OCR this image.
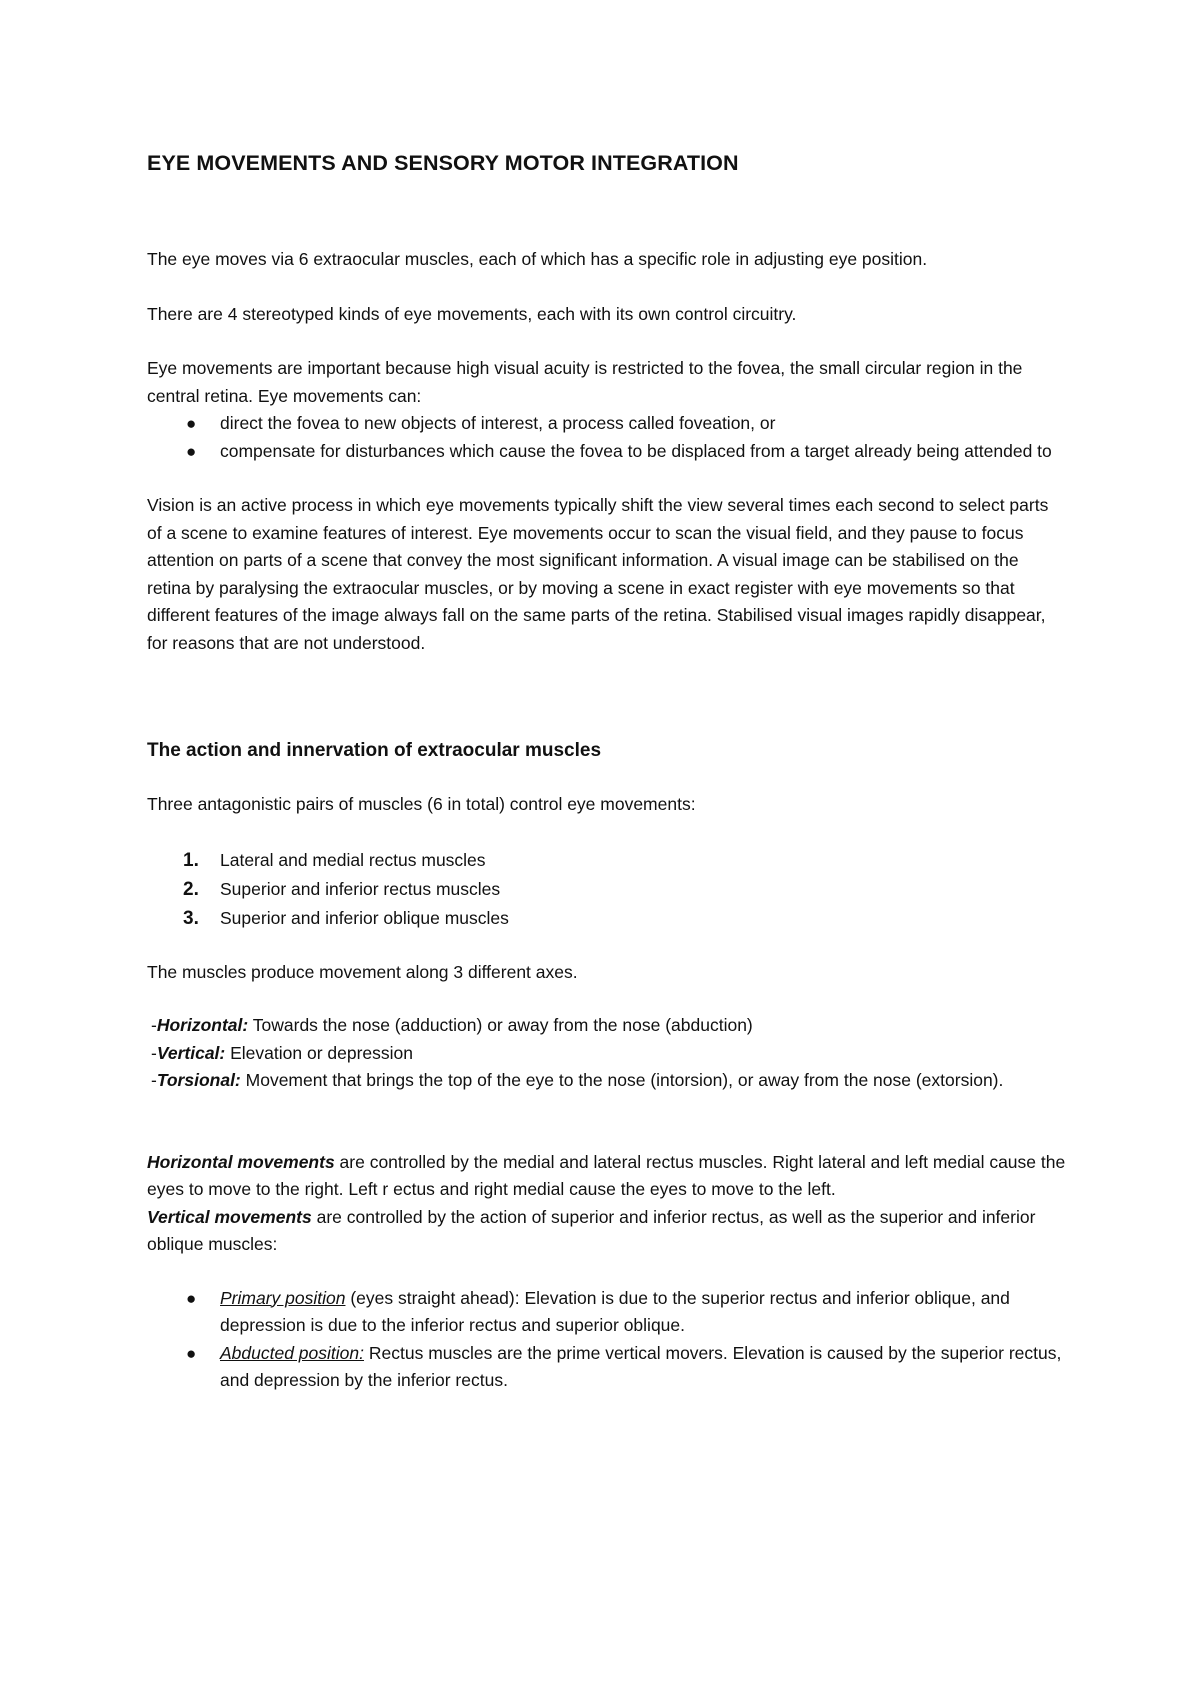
EYE MOVEMENTS AND SENSORY MOTOR INTEGRATION

The eye moves via 6 extraocular muscles, each of which has a specific role in adjusting eye position.

There are 4 stereotyped kinds of eye movements, each with its own control circuitry.

Eye movements are important because high visual acuity is restricted to the fovea, the small circular region in the central retina. Eye movements can:

● direct the fovea to new objects of interest, a process called foveation, or
● compensate for disturbances which cause the fovea to be displaced from a target already being attended to

Vision is an active process in which eye movements typically shift the view several times each second to select parts of a scene to examine features of interest. Eye movements occur to scan the visual field, and they pause to focus attention on parts of a scene that convey the most significant information. A visual image can be stabilised on the retina by paralysing the extraocular muscles, or by moving a scene in exact register with eye movements so that different features of the image always fall on the same parts of the retina. Stabilised visual images rapidly disappear, for reasons that are not understood.

The action and innervation of extraocular muscles

Three antagonistic pairs of muscles (6 in total) control eye movements:

1. Lateral and medial rectus muscles
2. Superior and inferior rectus muscles
3. Superior and inferior oblique muscles

The muscles produce movement along 3 different axes.

-Horizontal: Towards the nose (adduction) or away from the nose (abduction)

-Vertical: Elevation or depression

-Torsional: Movement that brings the top of the eye to the nose (intorsion), or away from the nose (extorsion).

Horizontal movements are controlled by the medial and lateral rectus muscles. Right lateral and left medial cause the eyes to move to the right. Left r ectus and right medial cause the eyes to move to the left.

Vertical movements are controlled by the action of superior and inferior rectus, as well as the superior and inferior oblique muscles:

● Primary position (eyes straight ahead): Elevation is due to the superior rectus and inferior oblique, and depression is due to the inferior rectus and superior oblique.
● Abducted position: Rectus muscles are the prime vertical movers. Elevation is caused by the superior rectus, and depression by the inferior rectus.
